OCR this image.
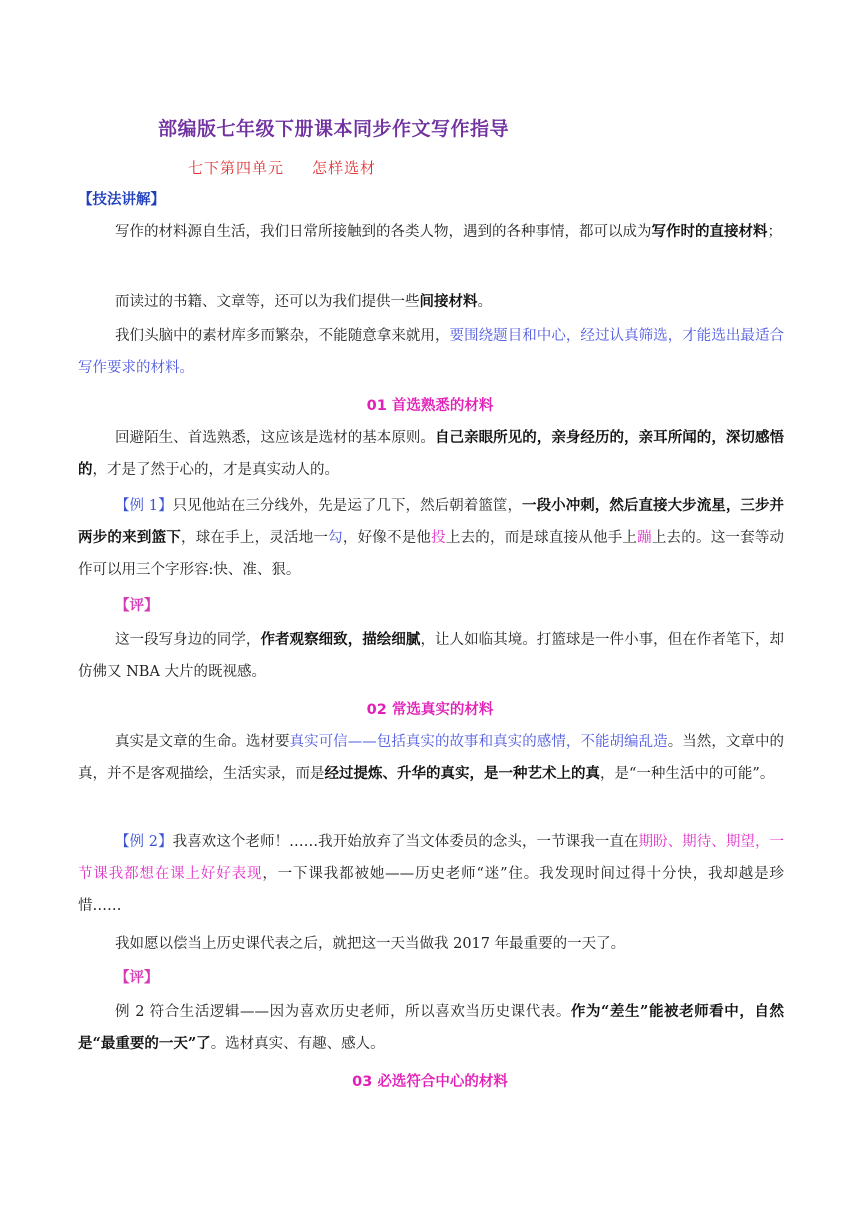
部编版七年级下册课本同步作文写作指导
七下第四单元 怎样选材
【技法讲解】
写作的材料源自生活，我们日常所接触到的各类人物，遇到的各种事情，都可以成为写作时的直接材料；
而读过的书籍、文章等，还可以为我们提供一些间接材料。
我们头脑中的素材库多而繁杂，不能随意拿来就用，要围绕题目和中心，经过认真筛选，才能选出最适合写作要求的材料。
01 首选熟悉的材料
回避陌生、首选熟悉，这应该是选材的基本原则。自己亲眼所见的，亲身经历的，亲耳所闻的，深切感悟的，才是了然于心的，才是真实动人的。
【例 1】只见他站在三分线外，先是运了几下，然后朝着篮筐，一段小冲刺，然后直接大步流星，三步并两步的来到篮下，球在手上，灵活地一勾，好像不是他投上去的，而是球直接从他手上蹦上去的。这一套等动作可以用三个字形容:快、准、狠。
【评】
这一段写身边的同学，作者观察细致，描绘细腻，让人如临其境。打篮球是一件小事，但在作者笔下，却仿佛又 NBA 大片的既视感。
02 常选真实的材料
真实是文章的生命。选材要真实可信——包括真实的故事和真实的感情，不能胡编乱造。当然，文章中的真，并不是客观描绘，生活实录，而是经过提炼、升华的真实，是一种艺术上的真，是“一种生活中的可能”。
【例 2】我喜欢这个老师！……我开始放弃了当文体委员的念头，一节课我一直在期盼、期待、期望，一节课我都想在课上好好表现，一下课我都被她——历史老师“迷”住。我发现时间过得十分快，我却越是珍惜……
我如愿以偿当上历史课代表之后，就把这一天当做我 2017 年最重要的一天了。
【评】
例 2 符合生活逻辑——因为喜欢历史老师，所以喜欢当历史课代表。作为“差生”能被老师看中，自然是“最重要的一天”了。选材真实、有趣、感人。
03 必选符合中心的材料
